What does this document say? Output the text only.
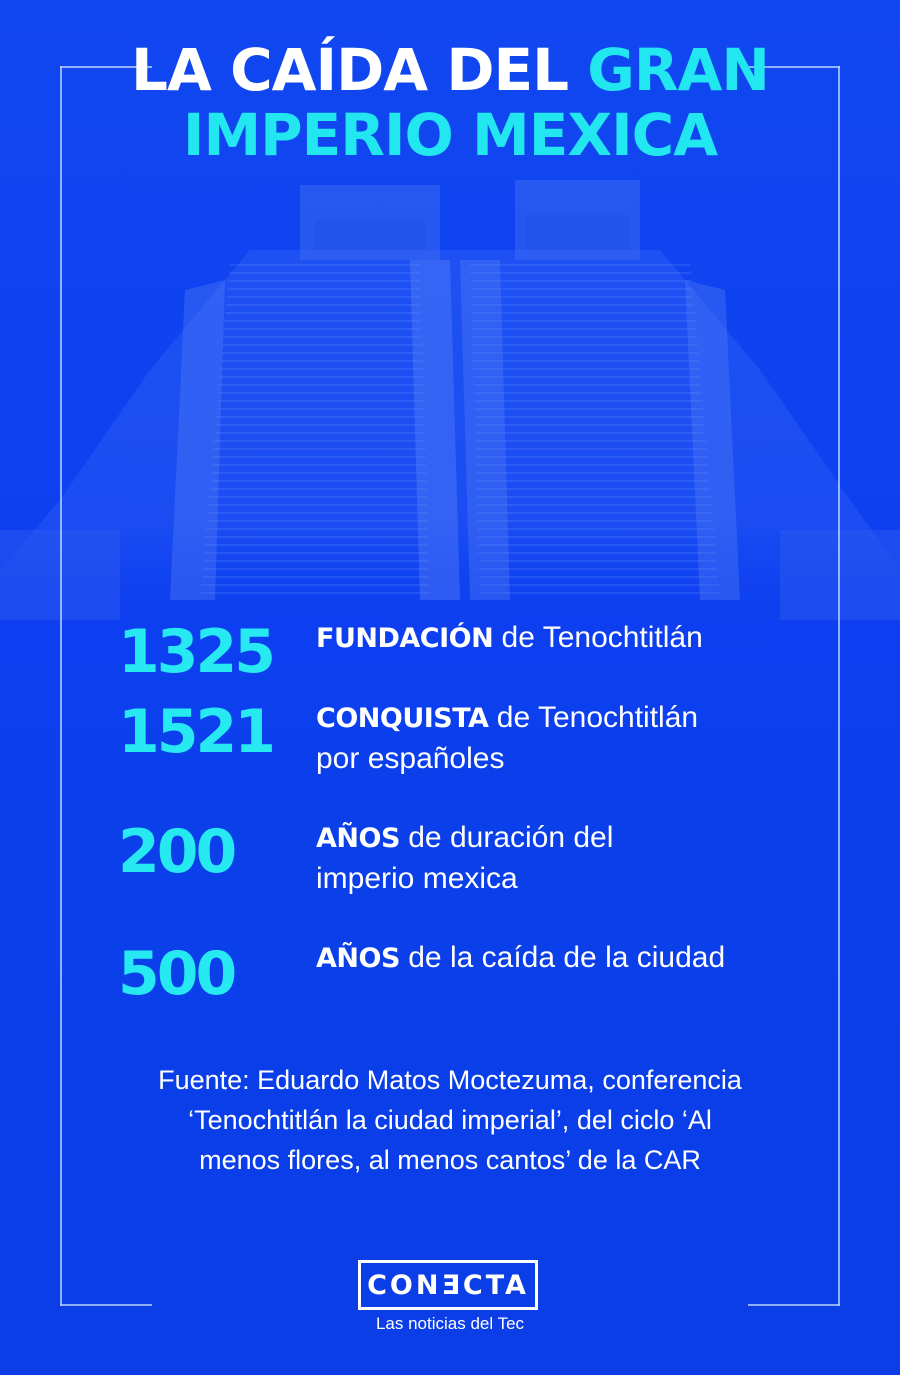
LA CAÍDA DEL GRAN
IMPERIO MEXICA
1325	FUNDACIÓN de Tenochtitlán
1521	CONQUISTA de Tenochtitlán
por españoles
200	AÑOS de duración del
imperio mexica
500	AÑOS de la caída de la ciudad
Fuente: Eduardo Matos Moctezuma, conferencia
‘Tenochtitlán la ciudad imperial’, del ciclo ‘Al
menos flores, al menos cantos’ de la CAR
CONƎCTA
Las noticias del Tec
